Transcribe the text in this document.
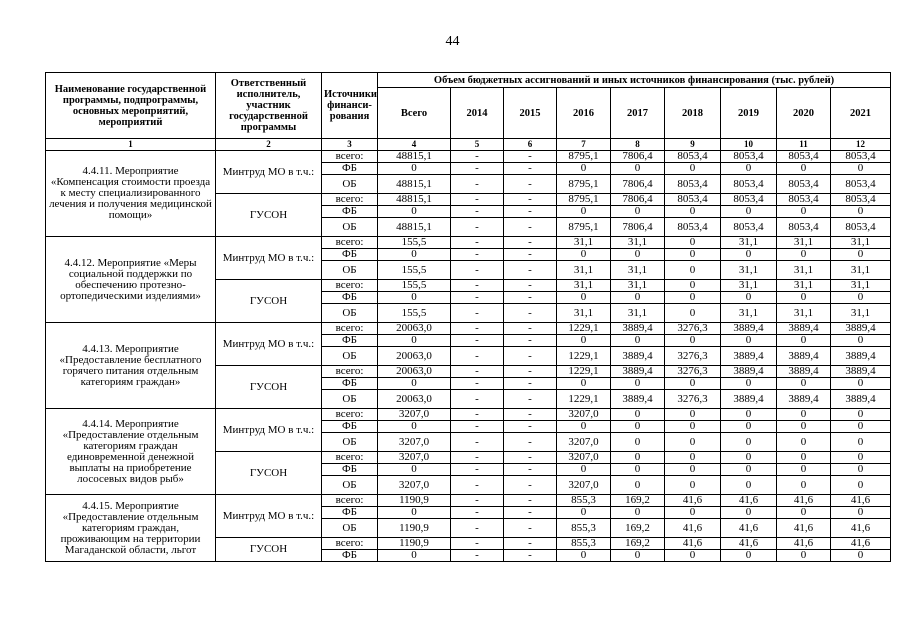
44
Наименование государственной программы, подпрограммы, основных мероприятий, мероприятий	Ответственный исполнитель, участник государственной программы	Источники финанси-рования	Объем бюджетных ассигнований и иных источников финансирования (тыс. рублей)								
			Всего	2014	2015	2016	2017	2018	2019	2020	2021
1	2	3	4	5	6	7	8	9	10	11	12
4.4.11. Мероприятие «Компенсация стоимости проезда к месту специализированного лечения и получения медицинской помощи»	Минтруд МО в т.ч.:	всего:	48815,1	-	-	8795,1	7806,4	8053,4	8053,4	8053,4	8053,4
		ФБ	0	-	-	0	0	0	0	0	0
		ОБ	48815,1	-	-	8795,1	7806,4	8053,4	8053,4	8053,4	8053,4
	ГУСОН	всего:	48815,1	-	-	8795,1	7806,4	8053,4	8053,4	8053,4	8053,4
		ФБ	0	-	-	0	0	0	0	0	0
		ОБ	48815,1	-	-	8795,1	7806,4	8053,4	8053,4	8053,4	8053,4
4.4.12. Мероприятие «Меры социальной поддержки по обеспечению протезно-ортопедическими изделиями»	Минтруд МО в т.ч.:	всего:	155,5	-	-	31,1	31,1	0	31,1	31,1	31,1
		ФБ	0	-	-	0	0	0	0	0	0
		ОБ	155,5	-	-	31,1	31,1	0	31,1	31,1	31,1
	ГУСОН	всего:	155,5	-	-	31,1	31,1	0	31,1	31,1	31,1
		ФБ	0	-	-	0	0	0	0	0	0
		ОБ	155,5	-	-	31,1	31,1	0	31,1	31,1	31,1
4.4.13. Мероприятие «Предоставление бесплатного горячего питания отдельным категориям граждан»	Минтруд МО в т.ч.:	всего:	20063,0	-	-	1229,1	3889,4	3276,3	3889,4	3889,4	3889,4
		ФБ	0	-	-	0	0	0	0	0	0
		ОБ	20063,0	-	-	1229,1	3889,4	3276,3	3889,4	3889,4	3889,4
	ГУСОН	всего:	20063,0	-	-	1229,1	3889,4	3276,3	3889,4	3889,4	3889,4
		ФБ	0	-	-	0	0	0	0	0	0
		ОБ	20063,0	-	-	1229,1	3889,4	3276,3	3889,4	3889,4	3889,4
4.4.14. Мероприятие «Предоставление отдельным категориям граждан единовременной денежной выплаты на приобретение лососевых видов рыб»	Минтруд МО в т.ч.:	всего:	3207,0	-	-	3207,0	0	0	0	0	0
		ФБ	0	-	-	0	0	0	0	0	0
		ОБ	3207,0	-	-	3207,0	0	0	0	0	0
	ГУСОН	всего:	3207,0	-	-	3207,0	0	0	0	0	0
		ФБ	0	-	-	0	0	0	0	0	0
		ОБ	3207,0	-	-	3207,0	0	0	0	0	0
4.4.15. Мероприятие «Предоставление отдельным категориям граждан, проживающим на территории Магаданской области, льгот	Минтруд МО в т.ч.:	всего:	1190,9	-	-	855,3	169,2	41,6	41,6	41,6	41,6
		ФБ	0	-	-	0	0	0	0	0	0
		ОБ	1190,9	-	-	855,3	169,2	41,6	41,6	41,6	41,6
	ГУСОН	всего:	1190,9	-	-	855,3	169,2	41,6	41,6	41,6	41,6
		ФБ	0	-	-	0	0	0	0	0	0
